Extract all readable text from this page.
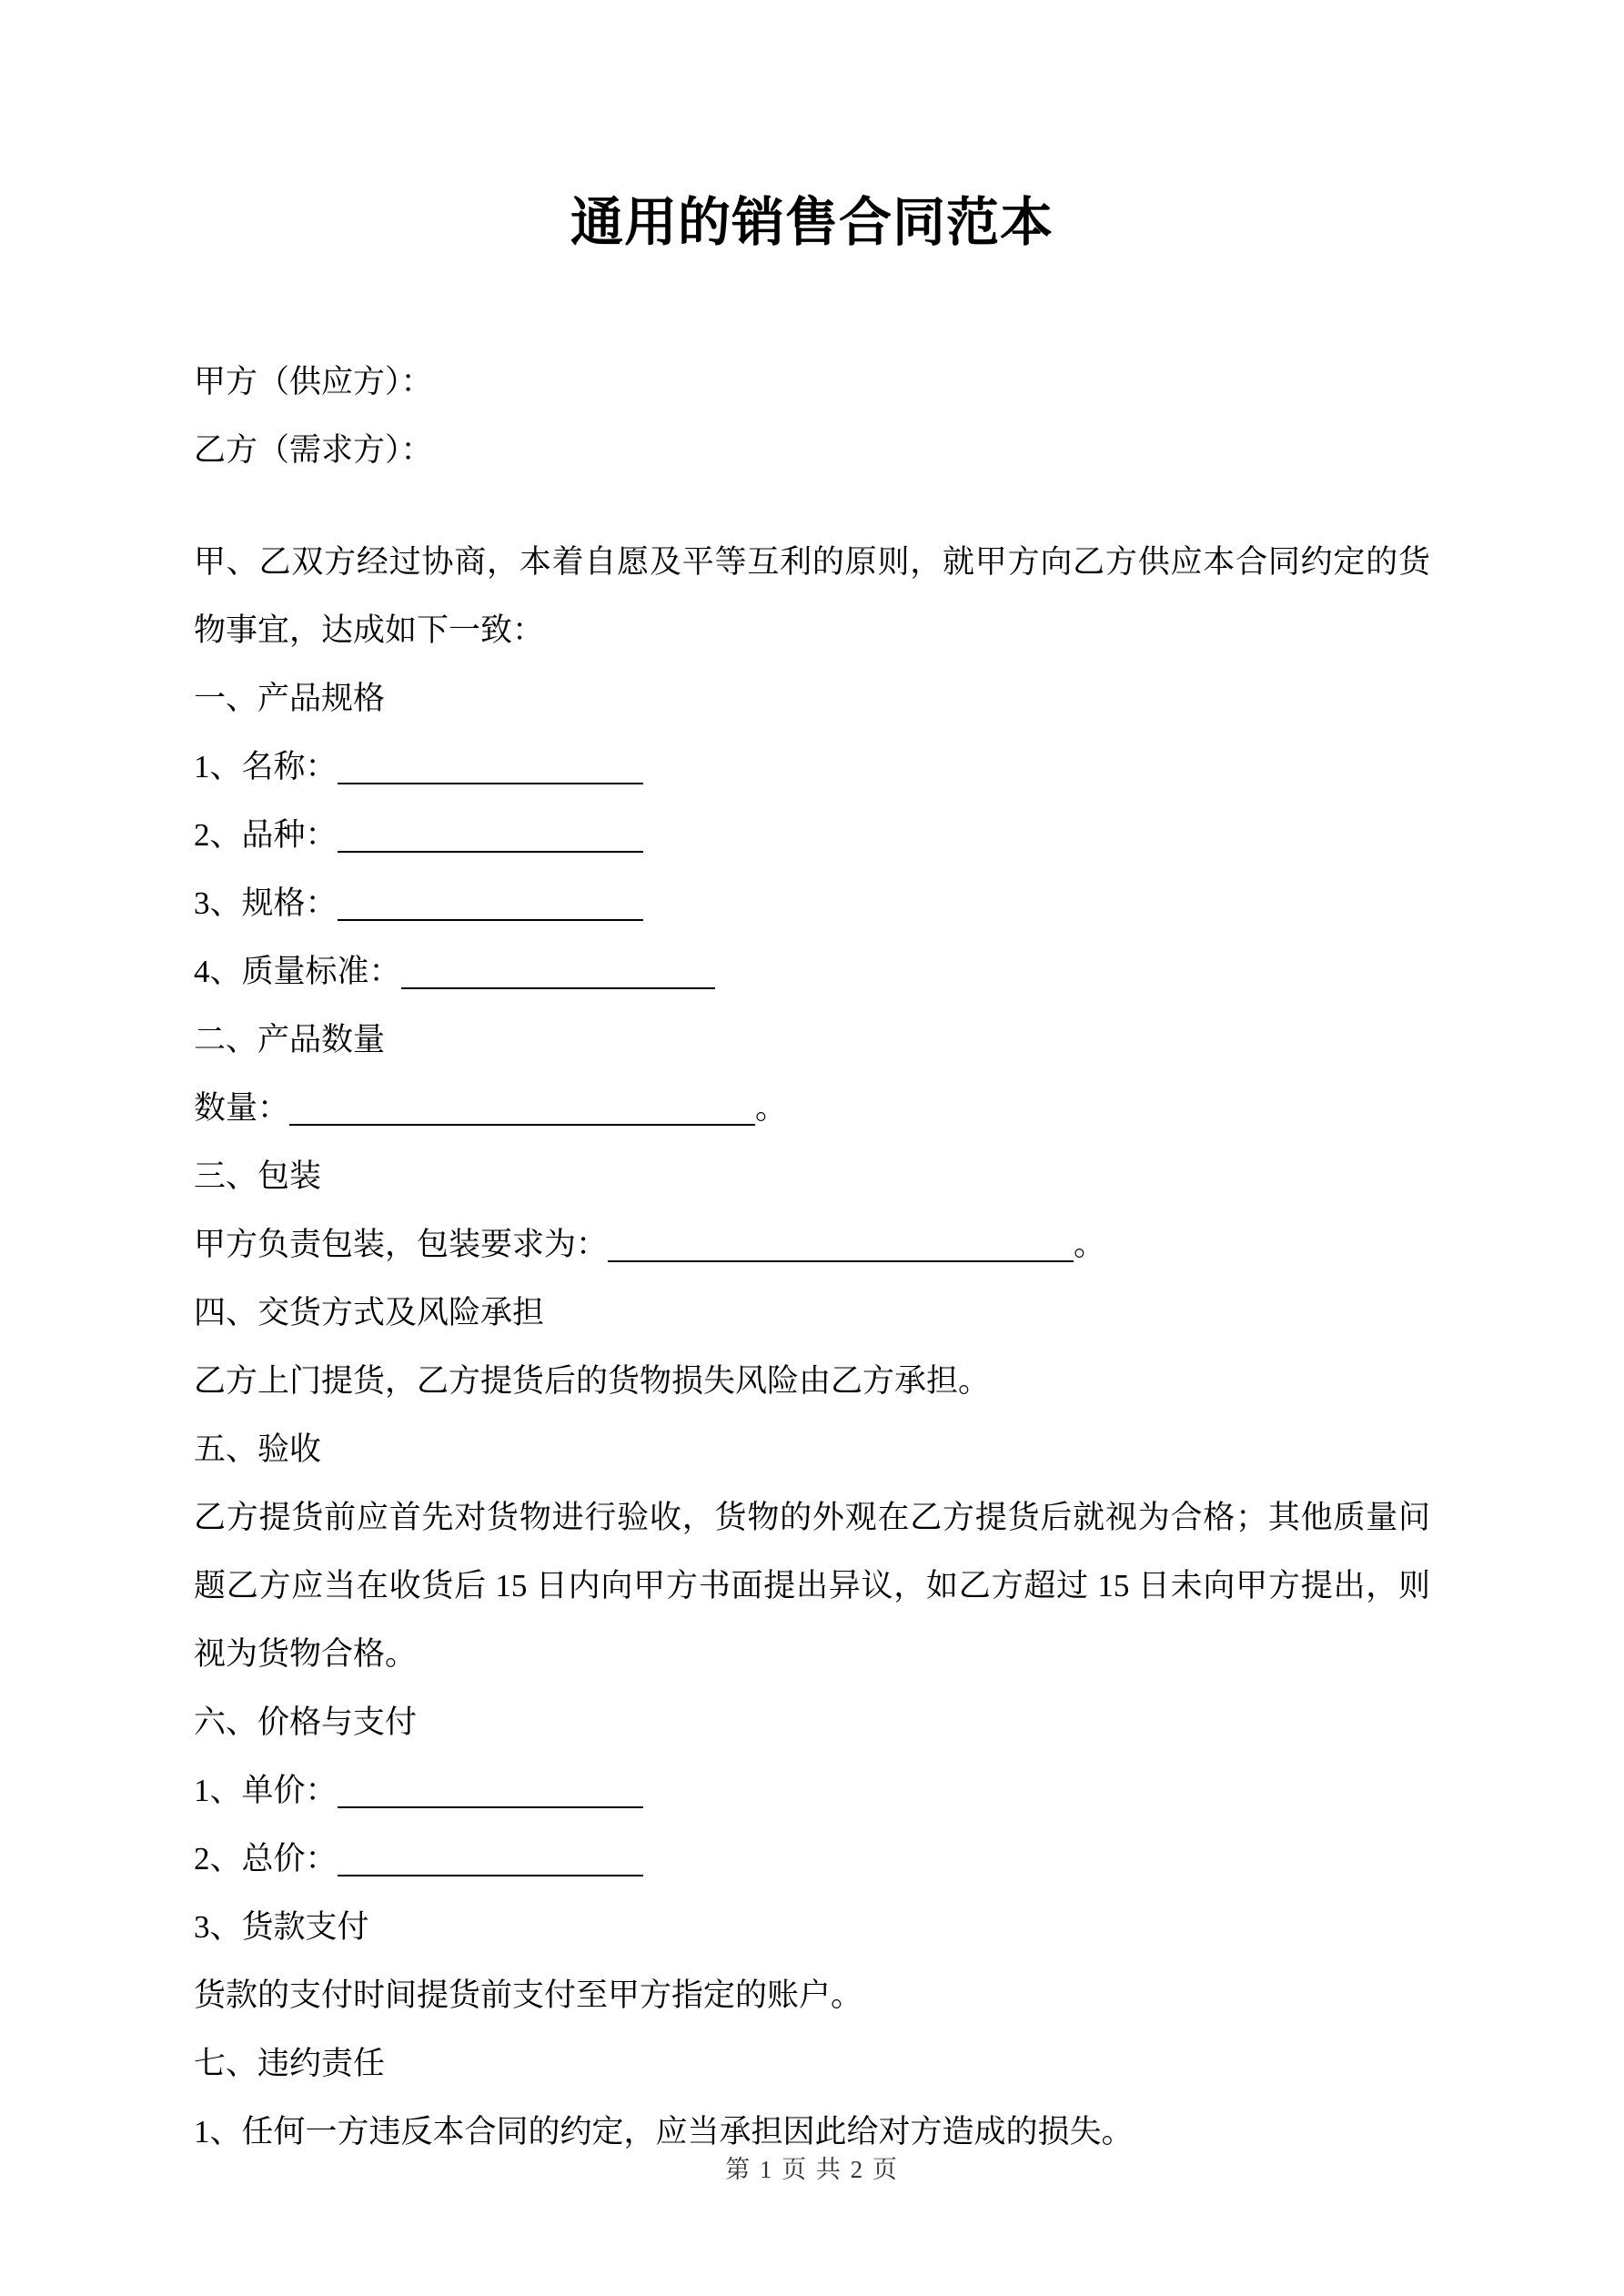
通用的销售合同范本

甲方（供应方）：

乙方（需求方）：

甲、乙双方经过协商，本着自愿及平等互利的原则，就甲方向乙方供应本合同约定的货物事宜，达成如下一致：

一、产品规格

1、名称：

2、品种：

3、规格：

4、质量标准：

二、产品数量

数量：	。

三、包装

甲方负责包装，包装要求为：	。

四、交货方式及风险承担

乙方上门提货，乙方提货后的货物损失风险由乙方承担。

五、验收

乙方提货前应首先对货物进行验收，货物的外观在乙方提货后就视为合格；其他质量问题乙方应当在收货后 15 日内向甲方书面提出异议，如乙方超过 15 日未向甲方提出，则视为货物合格。

六、价格与支付

1、单价：

2、总价：

3、货款支付

货款的支付时间提货前支付至甲方指定的账户。

七、违约责任

1、任何一方违反本合同的约定，应当承担因此给对方造成的损失。

第 1 页 共 2 页
